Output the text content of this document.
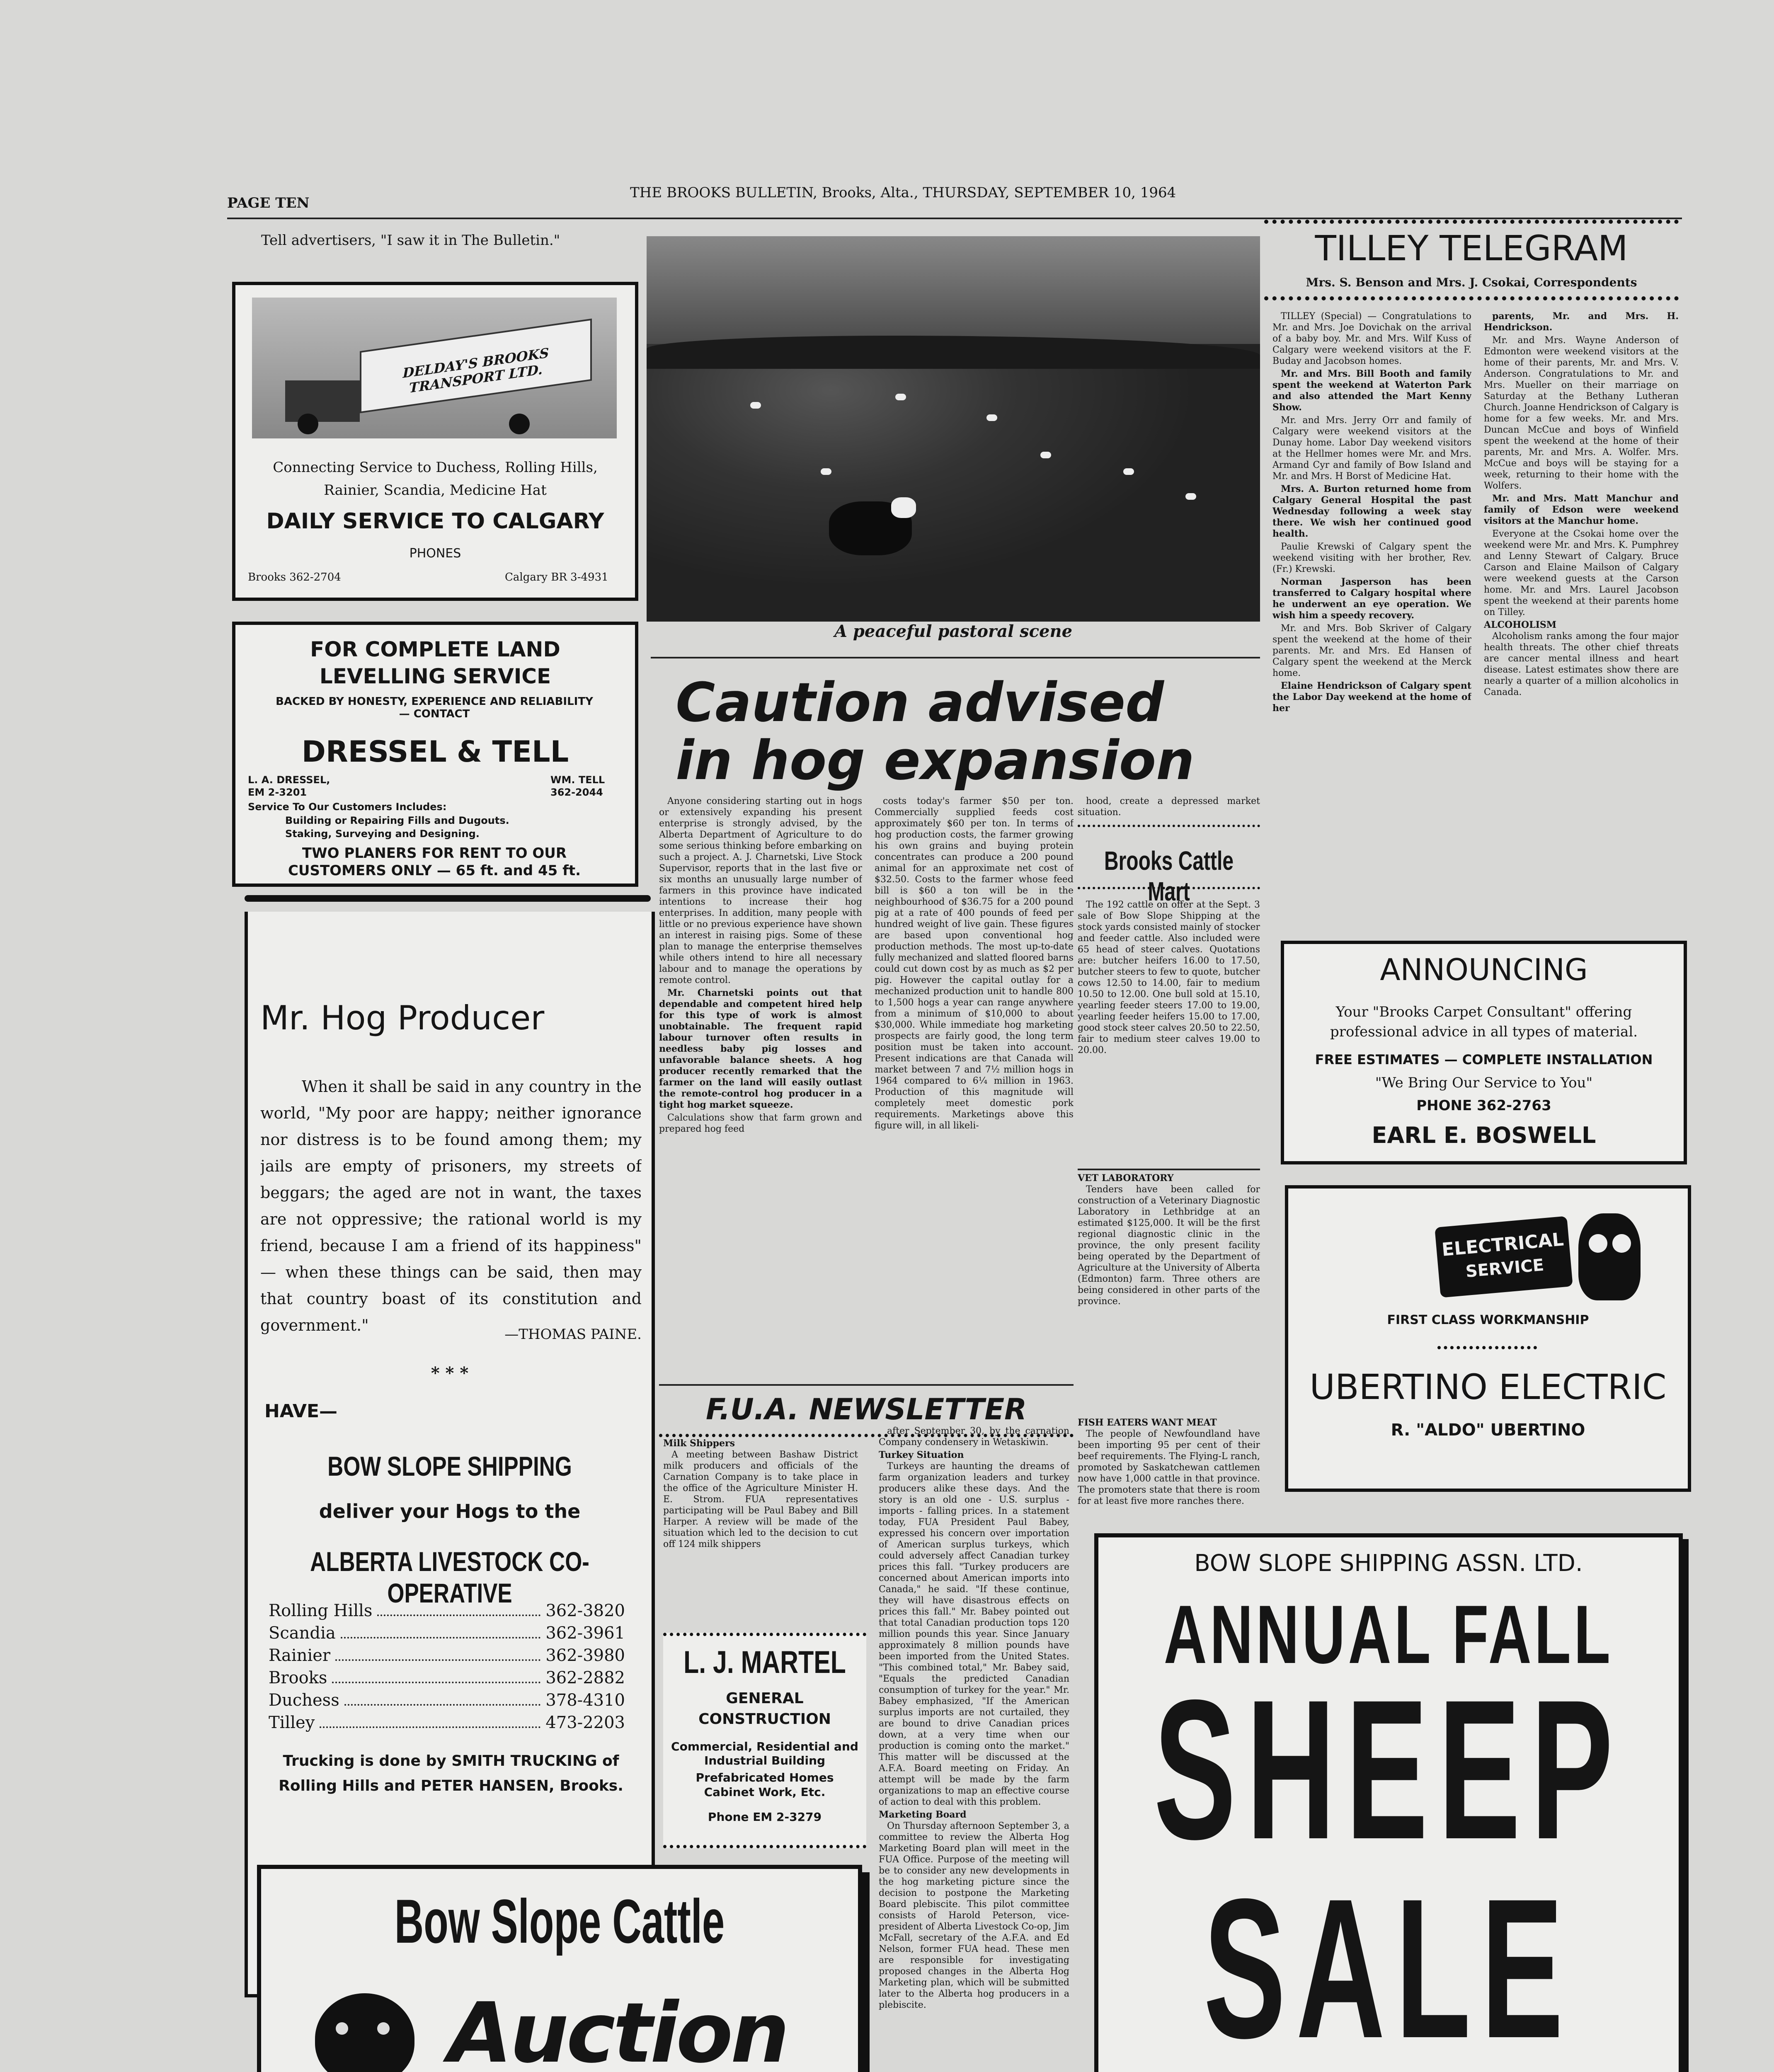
PAGE TEN
THE BROOKS BULLETIN, Brooks, Alta., THURSDAY, SEPTEMBER 10, 1964
Tell advertisers, "I saw it in The Bulletin."
DELDAY'S BROOKS TRANSPORT LTD.
Connecting Service to Duchess, Rolling Hills,
Rainier, Scandia, Medicine Hat
DAILY SERVICE TO CALGARY
PHONES
Brooks 362-2704	Calgary BR 3-4931
FOR COMPLETE LAND
LEVELLING SERVICE
BACKED BY HONESTY, EXPERIENCE AND RELIABILITY — CONTACT
DRESSEL & TELL
L. A. DRESSEL,
EM 2-3201
WM. TELL
362-2044
Service To Our Customers Includes:
Building or Repairing Fills and Dugouts.
Staking, Surveying and Designing.
TWO PLANERS FOR RENT TO OUR CUSTOMERS ONLY — 65 ft. and 45 ft.
Mr. Hog Producer
When it shall be said in any country in the world, "My poor are happy; neither ignorance nor distress is to be found among them; my jails are empty of prisoners, my streets of beggars; the aged are not in want, the taxes are not oppressive; the rational world is my friend, because I am a friend of its happiness" — when these things can be said, then may that country boast of its constitution and government."	—THOMAS PAINE.
* * *
HAVE—
BOW SLOPE SHIPPING
deliver your Hogs to the
ALBERTA LIVESTOCK CO-OPERATIVE
Rolling Hills	362-3820
Scandia	362-3961
Rainier	362-3980
Brooks	362-2882
Duchess	378-4310
Tilley	473-2203
Trucking is done by SMITH TRUCKING of Rolling Hills and PETER HANSEN, Brooks.
Bow Slope Cattle
Auction
A peaceful pastoral scene
Caution advised
in hog expansion

Anyone considering starting out in hogs or extensively expanding his present enterprise is strongly advised, by the Alberta Department of Agriculture to do some serious thinking before embarking on such a project. A. J. Charnetski, Live Stock Supervisor, reports that in the last five or six months an unusually large number of farmers in this province have indicated intentions to increase their hog enterprises. In addition, many people with little or no previous experience have shown an interest in raising pigs. Some of these plan to manage the enterprise themselves while others intend to hire all necessary labour and to manage the operations by remote control.

Mr. Charnetski points out that dependable and competent hired help for this type of work is almost unobtainable. The frequent rapid labour turnover often results in needless baby pig losses and unfavorable balance sheets. A hog producer recently remarked that the farmer on the land will easily outlast the remote-control hog producer in a tight hog market squeeze.

Calculations show that farm grown and prepared hog feed

costs today's farmer $50 per ton. Commercially supplied feeds cost approximately $60 per ton. In terms of hog production costs, the farmer growing his own grains and buying protein concentrates can produce a 200 pound animal for an approximate net cost of $32.50. Costs to the farmer whose feed bill is $60 a ton will be in the neighbourhood of $36.75 for a 200 pound pig at a rate of 400 pounds of feed per hundred weight of live gain. These figures are based upon conventional hog production methods. The most up-to-date fully mechanized and slatted floored barns could cut down cost by as much as $2 per pig. However the capital outlay for a mechanized production unit to handle 800 to 1,500 hogs a year can range anywhere from a minimum of $10,000 to about $30,000. While immediate hog marketing prospects are fairly good, the long term position must be taken into account. Present indications are that Canada will market between 7 and 7½ million hogs in 1964 compared to 6¼ million in 1963. Production of this magnitude will completely meet domestic pork requirements. Marketings above this figure will, in all likeli-

hood, create a depressed market situation.

Brooks Cattle Mart

The 192 cattle on offer at the Sept. 3 sale of Bow Slope Shipping at the stock yards consisted mainly of stocker and feeder cattle. Also included were 65 head of steer calves. Quotations are: butcher heifers 16.00 to 17.50, butcher steers to few to quote, butcher cows 12.50 to 14.00, fair to medium 10.50 to 12.00. One bull sold at 15.10, yearling feeder steers 17.00 to 19.00, yearling feeder heifers 15.00 to 17.00, good stock steer calves 20.50 to 22.50, fair to medium steer calves 19.00 to 20.00.

VET LABORATORY

Tenders have been called for construction of a Veterinary Diagnostic Laboratory in Lethbridge at an estimated $125,000. It will be the first regional diagnostic clinic in the province, the only present facility being operated by the Department of Agriculture at the University of Alberta (Edmonton) farm. Three others are being considered in other parts of the province.

FISH EATERS WANT MEAT

The people of Newfoundland have been importing 95 per cent of their beef requirements. The Flying-L ranch, promoted by Saskatchewan cattlemen now have 1,000 cattle in that province. The promoters state that there is room for at least five more ranches there.

F.U.A. NEWSLETTER
Milk Shippers

A meeting between Bashaw District milk producers and officials of the Carnation Company is to take place in the office of the Agriculture Minister H. E. Strom. FUA representatives participating will be Paul Babey and Bill Harper. A review will be made of the situation which led to the decision to cut off 124 milk shippers

after September 30, by the carnation Company condensery in Wetaskiwin.

Turkey Situation

Turkeys are haunting the dreams of farm organization leaders and turkey producers alike these days. And the story is an old one - U.S. surplus - imports - falling prices. In a statement today, FUA President Paul Babey, expressed his concern over importation of American surplus turkeys, which could adversely affect Canadian turkey prices this fall. "Turkey producers are concerned about American imports into Canada," he said. "If these continue, they will have disastrous effects on prices this fall." Mr. Babey pointed out that total Canadian production tops 120 million pounds this year. Since January approximately 8 million pounds have been imported from the United States. "This combined total," Mr. Babey said, "Equals the predicted Canadian consumption of turkey for the year." Mr. Babey emphasized, "If the American surplus imports are not curtailed, they are bound to drive Canadian prices down, at a very time when our production is coming onto the market." This matter will be discussed at the A.F.A. Board meeting on Friday. An attempt will be made by the farm organizations to map an effective course of action to deal with this problem.

Marketing Board

On Thursday afternoon September 3, a committee to review the Alberta Hog Marketing Board plan will meet in the FUA Office. Purpose of the meeting will be to consider any new developments in the hog marketing picture since the decision to postpone the Marketing Board plebiscite. This pilot committee consists of Harold Peterson, vice-president of Alberta Livestock Co-op, Jim McFall, secretary of the A.F.A. and Ed Nelson, former FUA head. These men are responsible for investigating proposed changes in the Alberta Hog Marketing plan, which will be submitted later to the Alberta hog producers in a plebiscite.

L. J. MARTEL
GENERAL
CONSTRUCTION
Commercial, Residential and Industrial Building
Prefabricated Homes
Cabinet Work, Etc.
Phone EM 2-3279
TILLEY TELEGRAM
Mrs. S. Benson and Mrs. J. Csokai, Correspondents

TILLEY (Special) — Congratulations to Mr. and Mrs. Joe Dovichak on the arrival of a baby boy. Mr. and Mrs. Wilf Kuss of Calgary were weekend visitors at the F. Buday and Jacobson homes.

Mr. and Mrs. Bill Booth and family spent the weekend at Waterton Park and also attended the Mart Kenny Show.

Mr. and Mrs. Jerry Orr and family of Calgary were weekend visitors at the Dunay home. Labor Day weekend visitors at the Hellmer homes were Mr. and Mrs. Armand Cyr and family of Bow Island and Mr. and Mrs. H Borst of Medicine Hat.

Mrs. A. Burton returned home from Calgary General Hospital the past Wednesday following a week stay there. We wish her continued good health.

Paulie Krewski of Calgary spent the weekend visiting with her brother, Rev. (Fr.) Krewski.

Norman Jasperson has been transferred to Calgary hospital where he underwent an eye operation. We wish him a speedy recovery.

Mr. and Mrs. Bob Skriver of Calgary spent the weekend at the home of their parents. Mr. and Mrs. Ed Hansen of Calgary spent the weekend at the Merck home.

Elaine Hendrickson of Calgary spent the Labor Day weekend at the home of her

parents, Mr. and Mrs. H. Hendrickson.

Mr. and Mrs. Wayne Anderson of Edmonton were weekend visitors at the home of their parents, Mr. and Mrs. V. Anderson. Congratulations to Mr. and Mrs. Mueller on their marriage on Saturday at the Bethany Lutheran Church. Joanne Hendrickson of Calgary is home for a few weeks. Mr. and Mrs. Duncan McCue and boys of Winfield spent the weekend at the home of their parents, Mr. and Mrs. A. Wolfer. Mrs. McCue and boys will be staying for a week, returning to their home with the Wolfers.

Mr. and Mrs. Matt Manchur and family of Edson were weekend visitors at the Manchur home.

Everyone at the Csokai home over the weekend were Mr. and Mrs. K. Pumphrey and Lenny Stewart of Calgary. Bruce Carson and Elaine Mailson of Calgary were weekend guests at the Carson home. Mr. and Mrs. Laurel Jacobson spent the weekend at their parents home on Tilley.

ALCOHOLISM

Alcoholism ranks among the four major health threats. The other chief threats are cancer mental illness and heart disease. Latest estimates show there are nearly a quarter of a million alcoholics in Canada.

ANNOUNCING
Your "Brooks Carpet Consultant" offering professional advice in all types of material.
FREE ESTIMATES — COMPLETE INSTALLATION
"We Bring Our Service to You"
PHONE 362-2763
EARL E. BOSWELL
ELECTRICAL
SERVICE
FIRST CLASS WORKMANSHIP
UBERTINO ELECTRIC
R. "ALDO" UBERTINO
BOW SLOPE SHIPPING ASSN. LTD.
ANNUAL FALL
SHEEP
SALE
